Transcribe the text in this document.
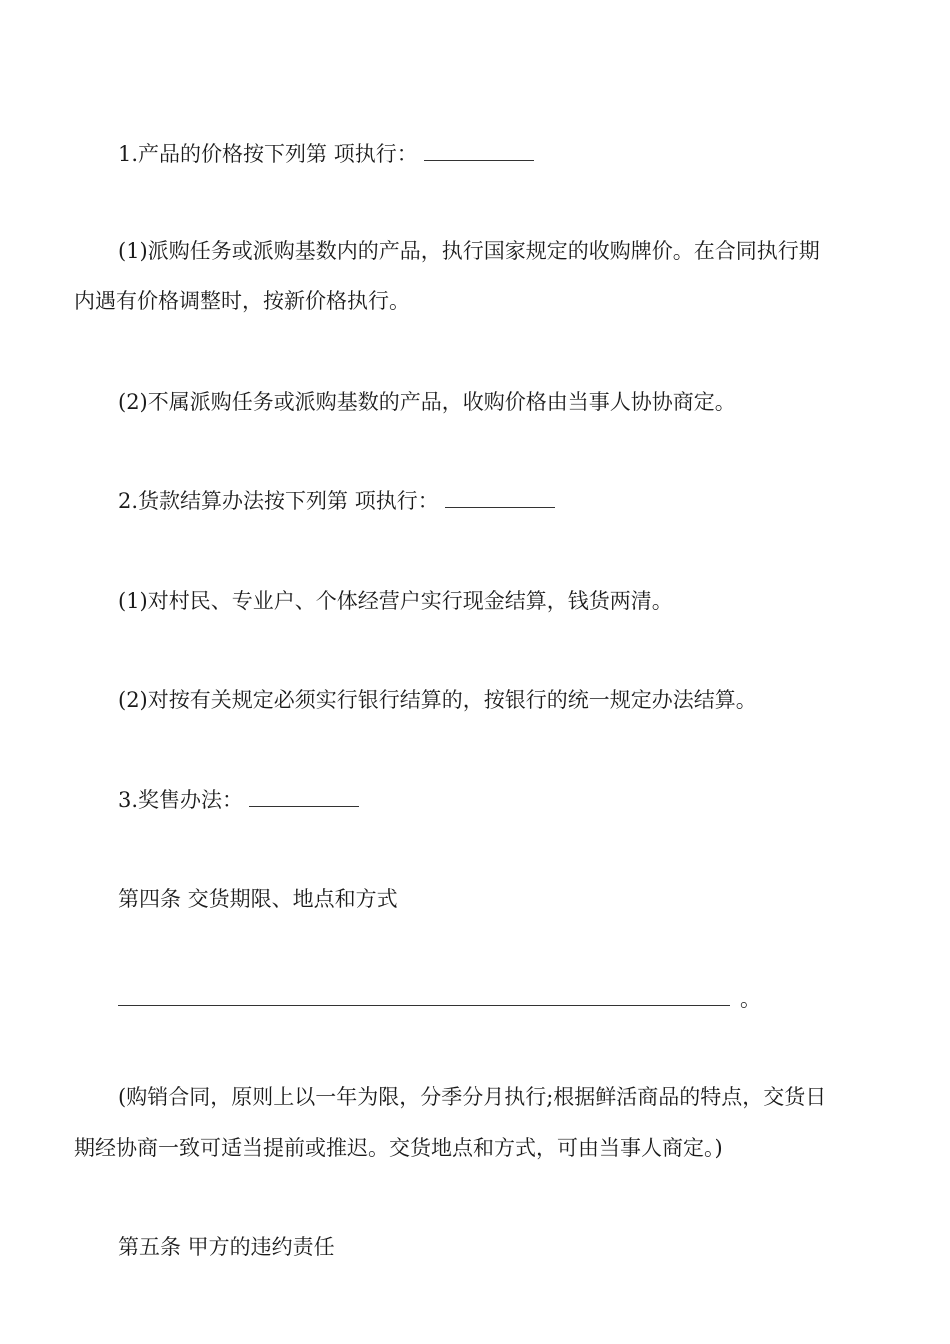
1.产品的价格按下列第 项执行：
(1)派购任务或派购基数内的产品，执行国家规定的收购牌价。在合同执行期
内遇有价格调整时，按新价格执行。
(2)不属派购任务或派购基数的产品，收购价格由当事人协协商定。
2.货款结算办法按下列第 项执行：
(1)对村民、专业户、个体经营户实行现金结算，钱货两清。
(2)对按有关规定必须实行银行结算的，按银行的统一规定办法结算。
3.奖售办法：
第四条 交货期限、地点和方式
。
(购销合同，原则上以一年为限，分季分月执行;根据鲜活商品的特点，交货日
期经协商一致可适当提前或推迟。交货地点和方式，可由当事人商定。)
第五条 甲方的违约责任
